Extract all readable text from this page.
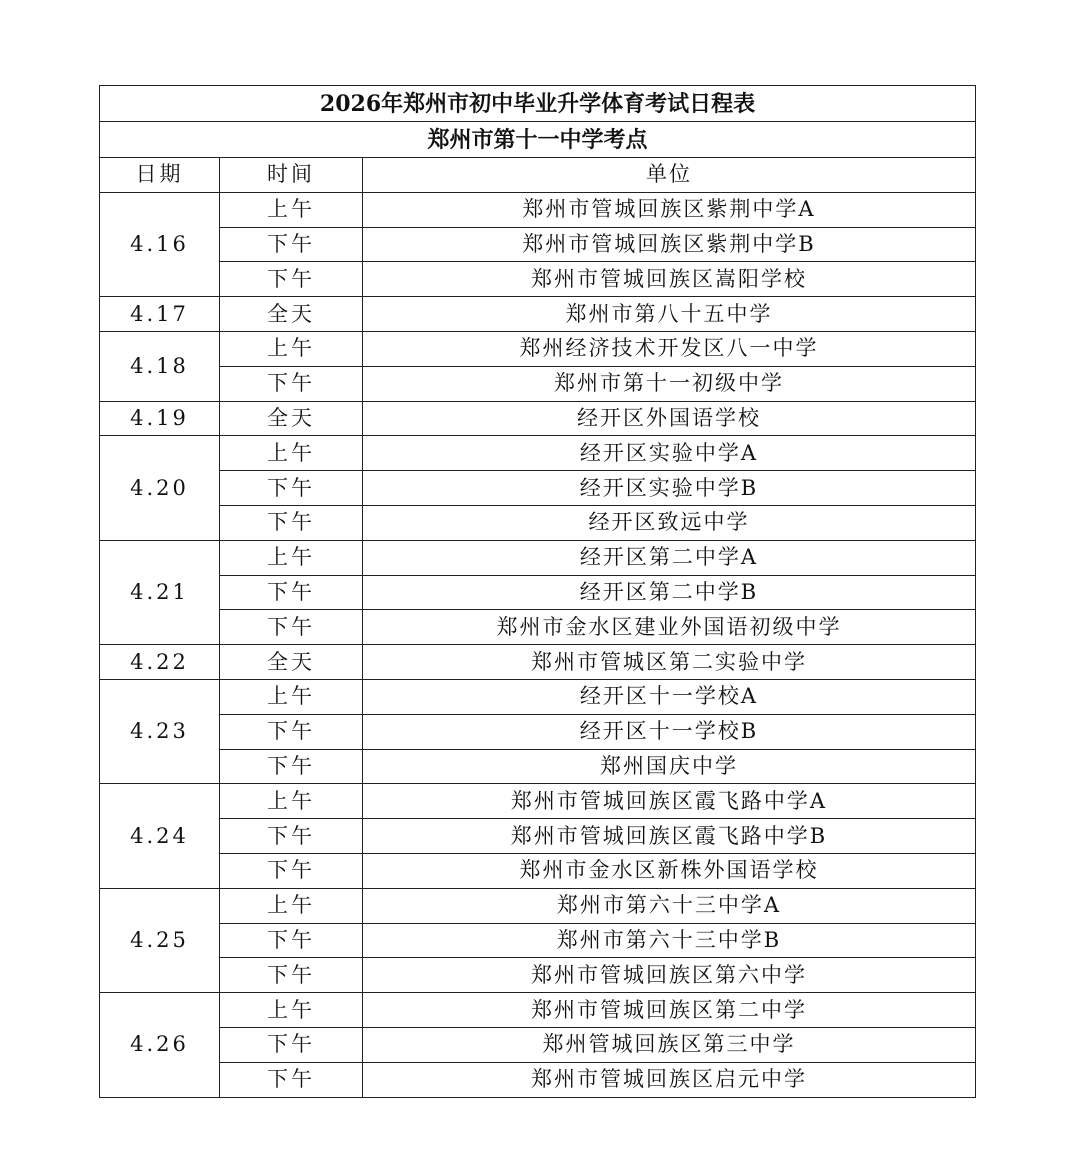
2026年郑州市初中毕业升学体育考试日程表		
郑州市第十一中学考点		
日期	时间	单位
4.16	上午	郑州市管城回族区紫荆中学A
	下午	郑州市管城回族区紫荆中学B
	下午	郑州市管城回族区嵩阳学校
4.17	全天	郑州市第八十五中学
4.18	上午	郑州经济技术开发区八一中学
	下午	郑州市第十一初级中学
4.19	全天	经开区外国语学校
4.20	上午	经开区实验中学A
	下午	经开区实验中学B
	下午	经开区致远中学
4.21	上午	经开区第二中学A
	下午	经开区第二中学B
	下午	郑州市金水区建业外国语初级中学
4.22	全天	郑州市管城区第二实验中学
4.23	上午	经开区十一学校A
	下午	经开区十一学校B
	下午	郑州国庆中学
4.24	上午	郑州市管城回族区霞飞路中学A
	下午	郑州市管城回族区霞飞路中学B
	下午	郑州市金水区新株外国语学校
4.25	上午	郑州市第六十三中学A
	下午	郑州市第六十三中学B
	下午	郑州市管城回族区第六中学
4.26	上午	郑州市管城回族区第二中学
	下午	郑州管城回族区第三中学
	下午	郑州市管城回族区启元中学
